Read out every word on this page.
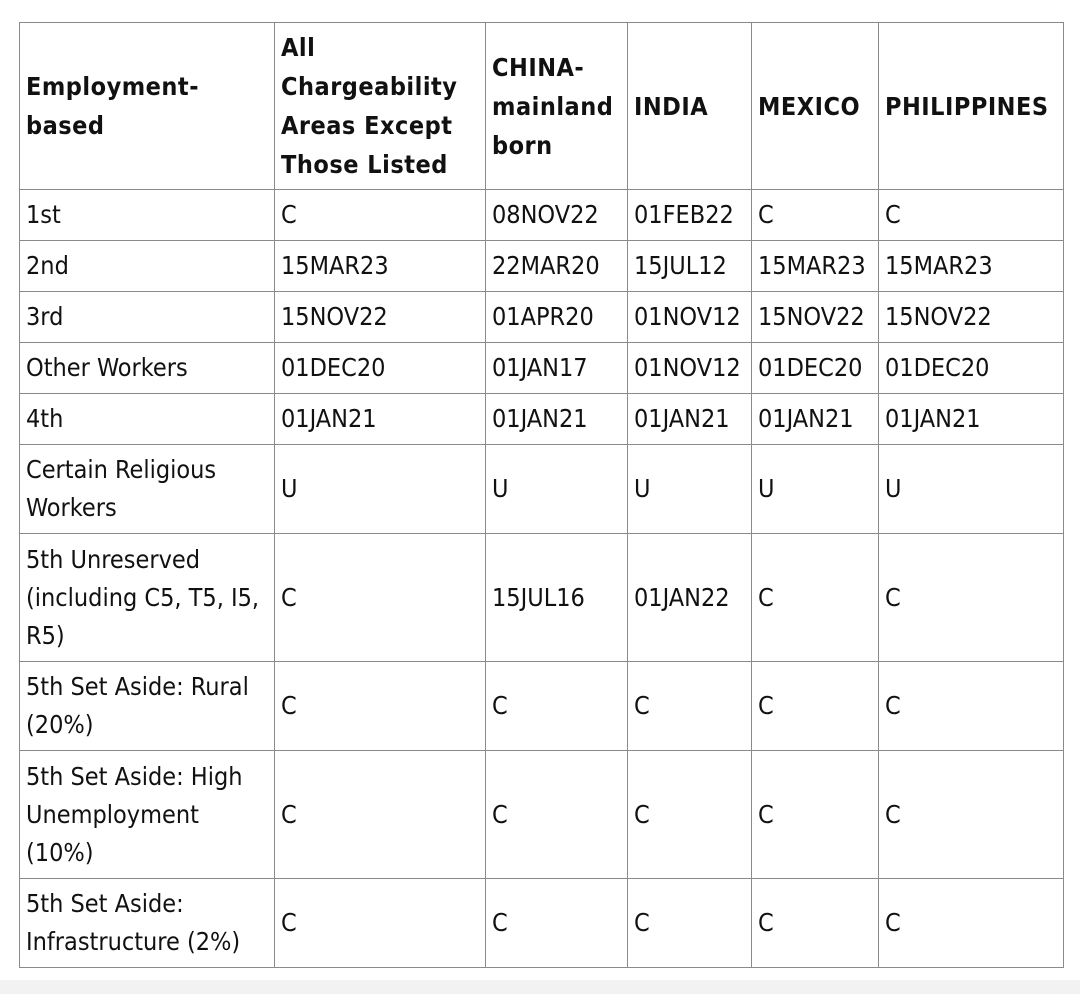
Employment-based	All Chargeability Areas Except Those Listed	CHINA-mainland born	INDIA	MEXICO	PHILIPPINES
1st	C	08NOV22	01FEB22	C	C
2nd	15MAR23	22MAR20	15JUL12	15MAR23	15MAR23
3rd	15NOV22	01APR20	01NOV12	15NOV22	15NOV22
Other Workers	01DEC20	01JAN17	01NOV12	01DEC20	01DEC20
4th	01JAN21	01JAN21	01JAN21	01JAN21	01JAN21
Certain Religious Workers	U	U	U	U	U
5th Unreserved (including C5, T5, I5, R5)	C	15JUL16	01JAN22	C	C
5th Set Aside: Rural (20%)	C	C	C	C	C
5th Set Aside: High Unemployment (10%)	C	C	C	C	C
5th Set Aside: Infrastructure (2%)	C	C	C	C	C
